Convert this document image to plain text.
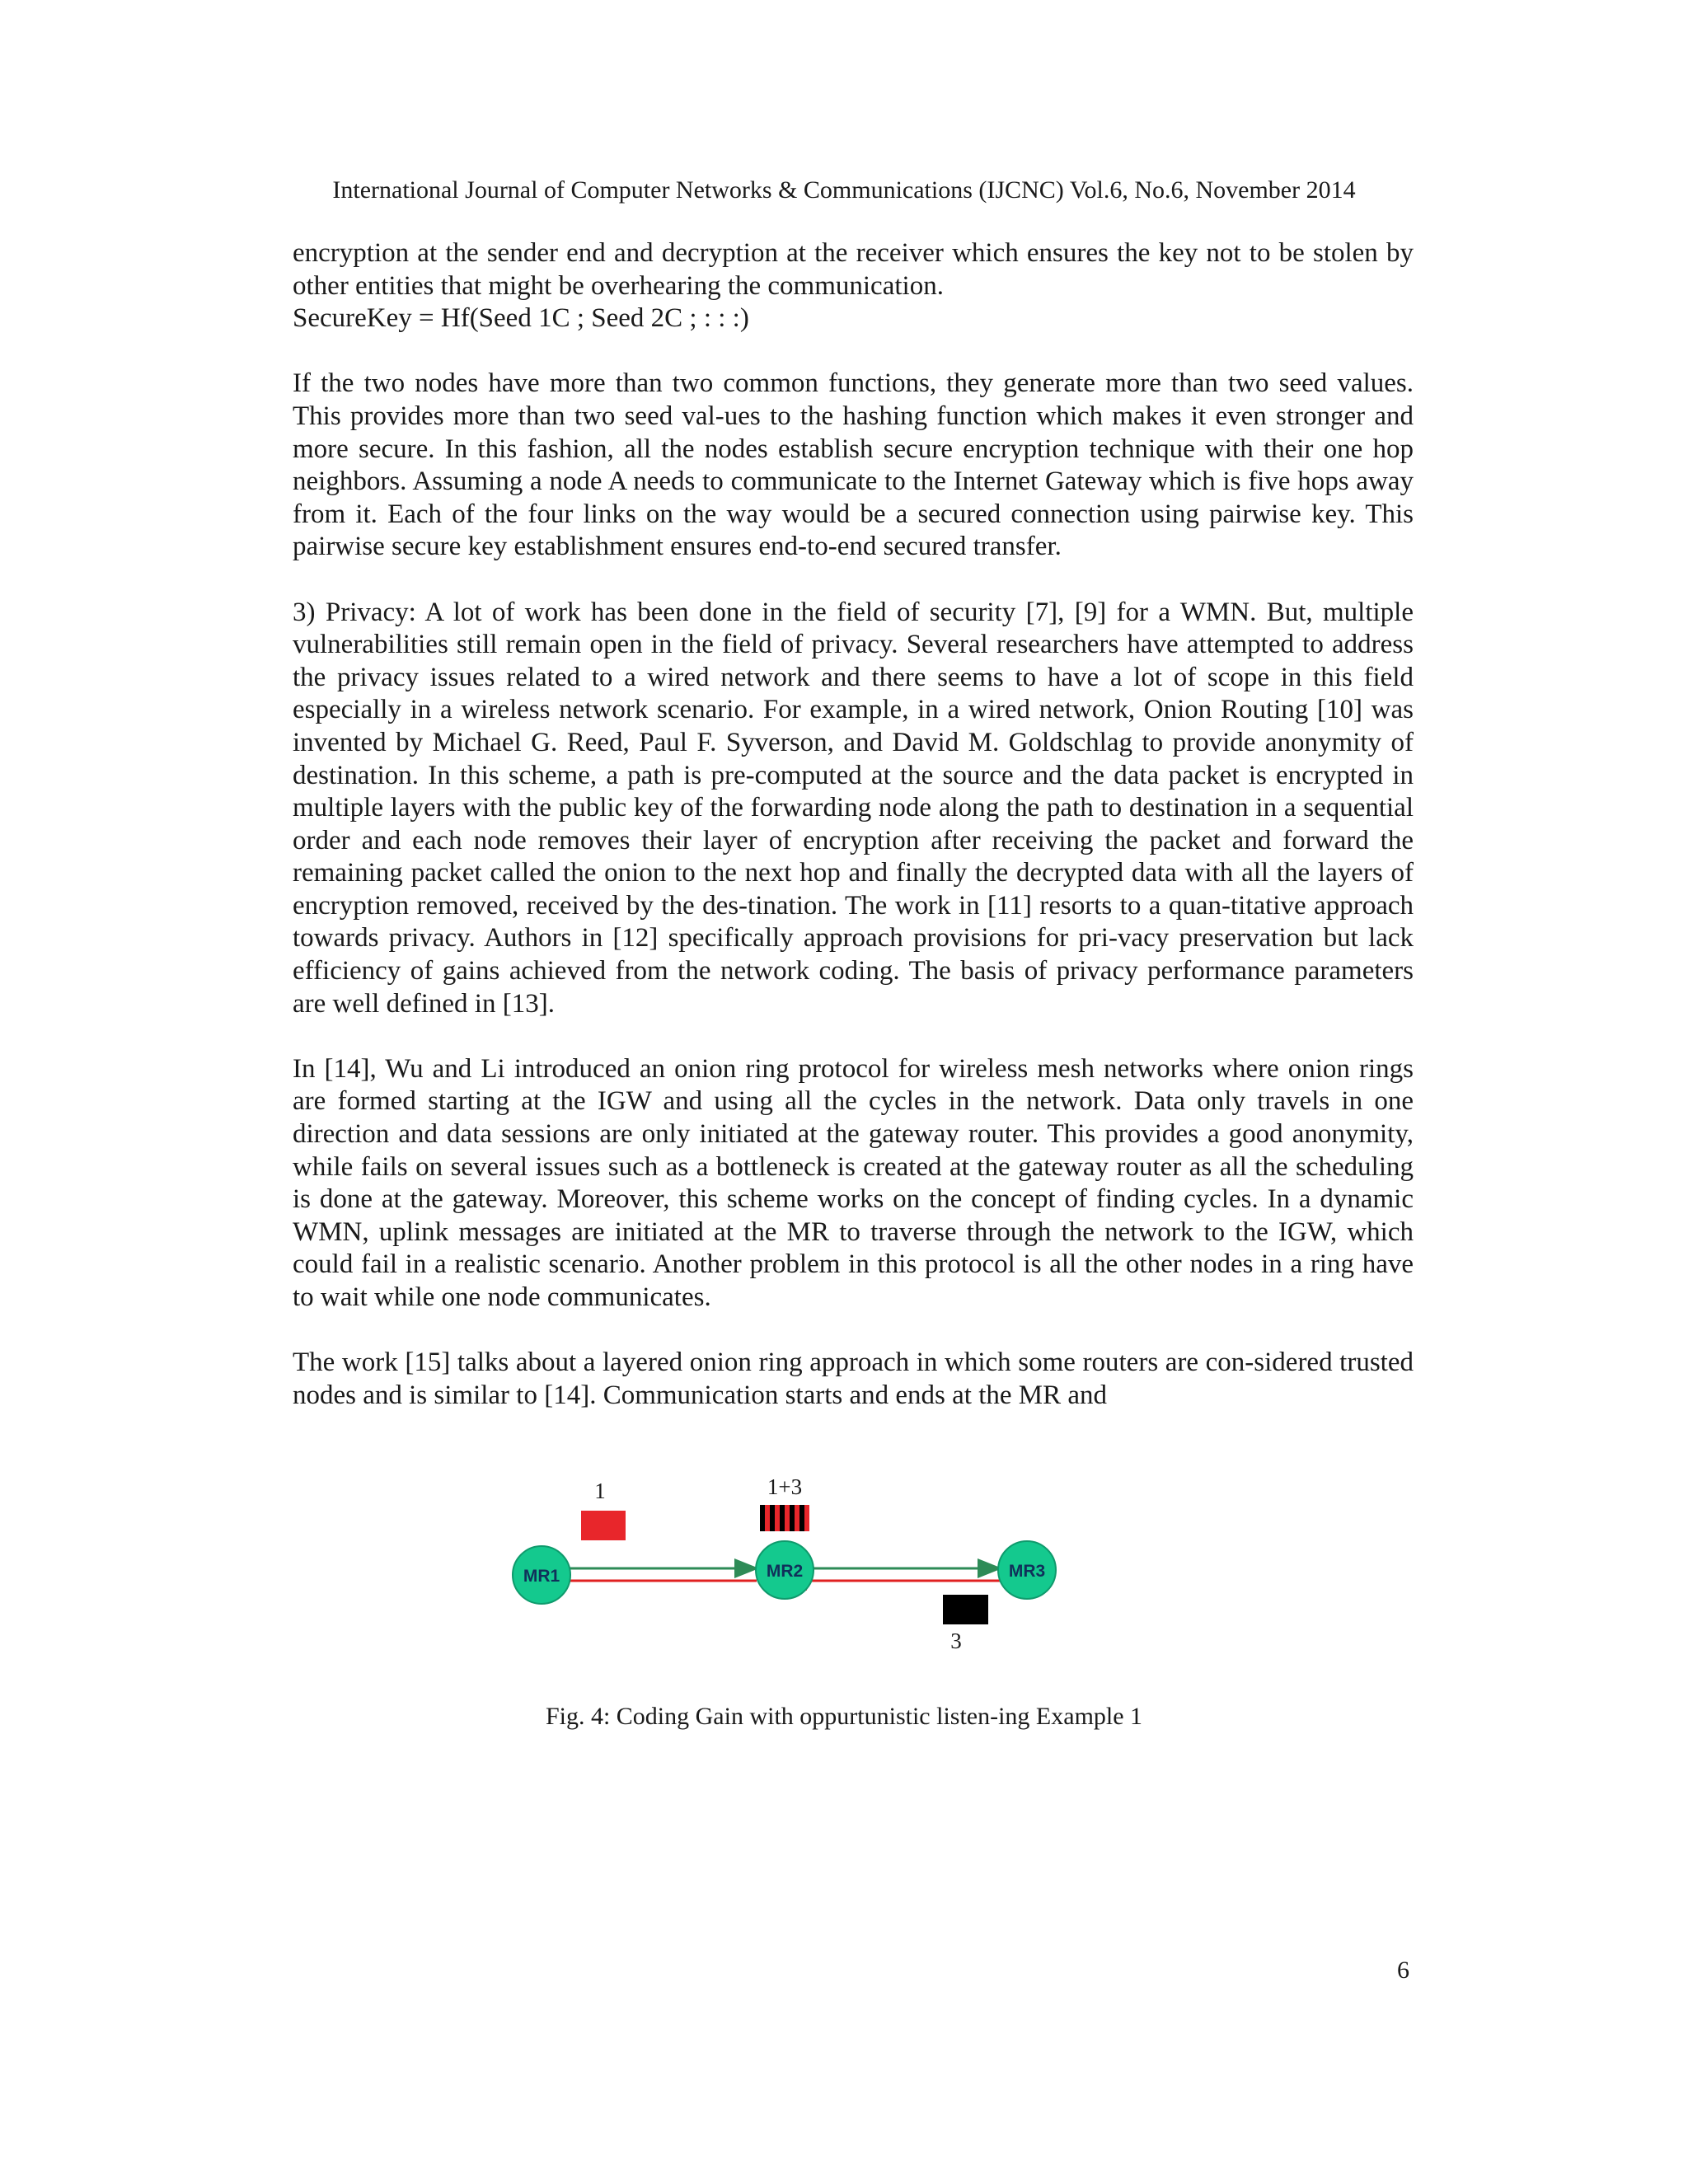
International Journal of Computer Networks & Communications (IJCNC) Vol.6, No.6, November 2014

encryption at the sender end and decryption at the receiver which ensures the key not to be stolen by other entities that might be overhearing the communication.
SecureKey = Hf(Seed 1C ; Seed 2C ; : : :)

If the two nodes have more than two common functions, they generate more than two seed values. This provides more than two seed val-ues to the hashing function which makes it even stronger and more secure. In this fashion, all the nodes establish secure encryption technique with their one hop neighbors. Assuming a node A needs to communicate to the Internet Gateway which is five hops away from it. Each of the four links on the way would be a secured connection using pairwise key. This pairwise secure key establishment ensures end-to-end secured transfer.

3) Privacy: A lot of work has been done in the field of security [7], [9] for a WMN. But, multiple vulnerabilities still remain open in the field of privacy. Several researchers have attempted to address the privacy issues related to a wired network and there seems to have a lot of scope in this field especially in a wireless network scenario. For example, in a wired network, Onion Routing [10] was invented by Michael G. Reed, Paul F. Syverson, and David M. Goldschlag to provide anonymity of destination. In this scheme, a path is pre-computed at the source and the data packet is encrypted in multiple layers with the public key of the forwarding node along the path to destination in a sequential order and each node removes their layer of encryption after receiving the packet and forward the remaining packet called the onion to the next hop and finally the decrypted data with all the layers of encryption removed, received by the des-tination. The work in [11] resorts to a quan-titative approach towards privacy. Authors in [12] specifically approach provisions for pri-vacy preservation but lack efficiency of gains achieved from the network coding. The basis of privacy performance parameters are well defined in [13].

In [14], Wu and Li introduced an onion ring protocol for wireless mesh networks where onion rings are formed starting at the IGW and using all the cycles in the network. Data only travels in one direction and data sessions are only initiated at the gateway router. This provides a good anonymity, while fails on several issues such as a bottleneck is created at the gateway router as all the scheduling is done at the gateway. Moreover, this scheme works on the concept of finding cycles. In a dynamic WMN, uplink messages are initiated at the MR to traverse through the network to the IGW, which could fail in a realistic scenario. Another problem in this protocol is all the other nodes in a ring have to wait while one node communicates.

The work [15] talks about a layered onion ring approach in which some routers are con-sidered trusted nodes and is similar to [14]. Communication starts and ends at the MR and

MR1	MR2	MR3
1	1+3
3
Fig. 4: Coding Gain with oppurtunistic listen-ing Example 1
6
